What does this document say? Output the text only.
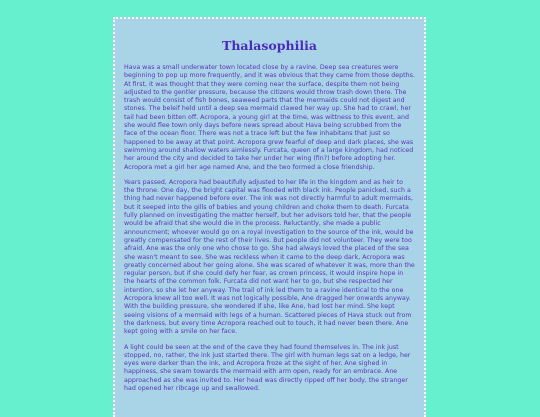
Thalasophilia

Hava was a small underwater town located close by a ravine. Deep sea creatures were beginning to pop up more frequently, and it was obvious that they came from those depths. At first, it was thought that they were coming near the surface, despite them not being adjusted to the gentler pressure, because the citizens would throw trash down there. The trash would consist of fish bones, seaweed parts that the mermaids could not digest and stones. The beleif held until a deep sea mermaid clawed her way up. She had to crawl, her tail had been bitten off. Acropora, a young girl at the time, was wittness to this event, and she would flee town only days before news spread about Hava being scrubbed from the face of the ocean floor. There was not a trace left but the few inhabitans that just so happened to be away at that point. Acropora grew fearful of deep and dark places, she was swimming around shallow waters aimlessly. Furcata, queen of a large kingdom, had noticed her around the city and decided to take her under her wing (fin?) before adopting her. Acropora met a girl her age named Ane, and the two formed a close friendship.

Years passed, Acropora had beautifully adjusted to her life in the kingdom and as heir to the throne. One day, the bright capital was flooded with black ink. People panicked, such a thing had never happened before ever. The ink was not directly harmful to adult mermaids, but it seeped into the gills of babies and young children and choke them to death. Furcata fully planned on investigating the matter herself, but her advisors told her, that the people would be afraid that she would die in the process. Reluctantly, she made a public announcment; whoever would go on a royal investigation to the source of the ink, would be greatly compensated for the rest of their lives. But people did not volunteer. They were too afraid. Ane was the only one who chose to go. She had always loved the placed of the sea she wasn't meant to see. She was reckless when it came to the deep dark, Acropora was greatly concerned about her going alone. She was scared of whatever it was, more than the regular person, but if she could defy her fear, as crown princess, it would inspire hope in the hearts of the common folk. Furcata did not want her to go, but she respected her intention, so she let her anyway. The trail of ink led them to a ravine identical to the one Acropora knew all too well. It was not logically possible, Ane dragged her onwards anyway. With the building pressure, she wondered if she, like Ane, had lost her mind. She kept seeing visions of a mermaid with legs of a human. Scattered pieces of Hava stuck out from the darkness, but every time Acropora reached out to touch, it had never been there. Ane kept going with a smile on her face.

A light could be seen at the end of the cave they had found themselves in. The ink just stopped, no, rather, the ink just started there. The girl with human legs sat on a ledge, her eyes were darker than the ink, and Acropora froze at the sight of her. Ane sighed in happiness, she swam towards the mermaid with arm open, ready for an embrace. Ane approached as she was invited to. Her head was directly ripped off her body, the stranger had opened her ribcage up and swallowed.
